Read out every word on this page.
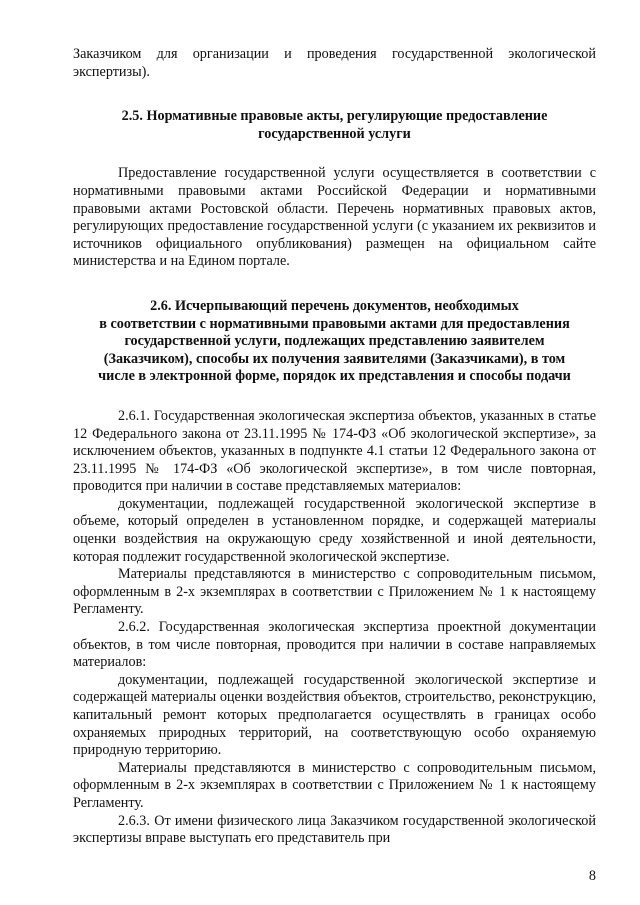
Заказчиком для организации и проведения государственной экологической экспертизы).

2.5. Нормативные правовые акты, регулирующие предоставление
государственной услуги

Предоставление государственной услуги осуществляется в соответствии с нормативными правовыми актами Российской Федерации и нормативными правовыми актами Ростовской области. Перечень нормативных правовых актов, регулирующих предоставление государственной услуги (с указанием их реквизитов и источников официального опубликования) размещен на официальном сайте министерства и на Едином портале.

2.6. Исчерпывающий перечень документов, необходимых
в соответствии с нормативными правовыми актами для предоставления
государственной услуги, подлежащих представлению заявителем
(Заказчиком), способы их получения заявителями (Заказчиками), в том
числе в электронной форме, порядок их представления и способы подачи

2.6.1. Государственная экологическая экспертиза объектов, указанных в статье 12 Федерального закона от 23.11.1995 № 174-ФЗ «Об экологической экспертизе», за исключением объектов, указанных в подпункте 4.1 статьи 12 Федерального закона от 23.11.1995 № 174-ФЗ «Об экологической экспертизе», в том числе повторная, проводится при наличии в составе представляемых материалов:

документации, подлежащей государственной экологической экспертизе в объеме, который определен в установленном порядке, и содержащей материалы оценки воздействия на окружающую среду хозяйственной и иной деятельности, которая подлежит государственной экологической экспертизе.

Материалы представляются в министерство с сопроводительным письмом, оформленным в 2-х экземплярах в соответствии с Приложением № 1 к настоящему Регламенту.

2.6.2. Государственная экологическая экспертиза проектной документации объектов, в том числе повторная, проводится при наличии в составе направляемых материалов:

документации, подлежащей государственной экологической экспертизе и содержащей материалы оценки воздействия объектов, строительство, реконструкцию, капитальный ремонт которых предполагается осуществлять в границах особо охраняемых природных территорий, на соответствующую особо охраняемую природную территорию.

Материалы представляются в министерство с сопроводительным письмом, оформленным в 2-х экземплярах в соответствии с Приложением № 1 к настоящему Регламенту.

2.6.3. От имени физического лица Заказчиком государственной экологической экспертизы вправе выступать его представитель при

8
